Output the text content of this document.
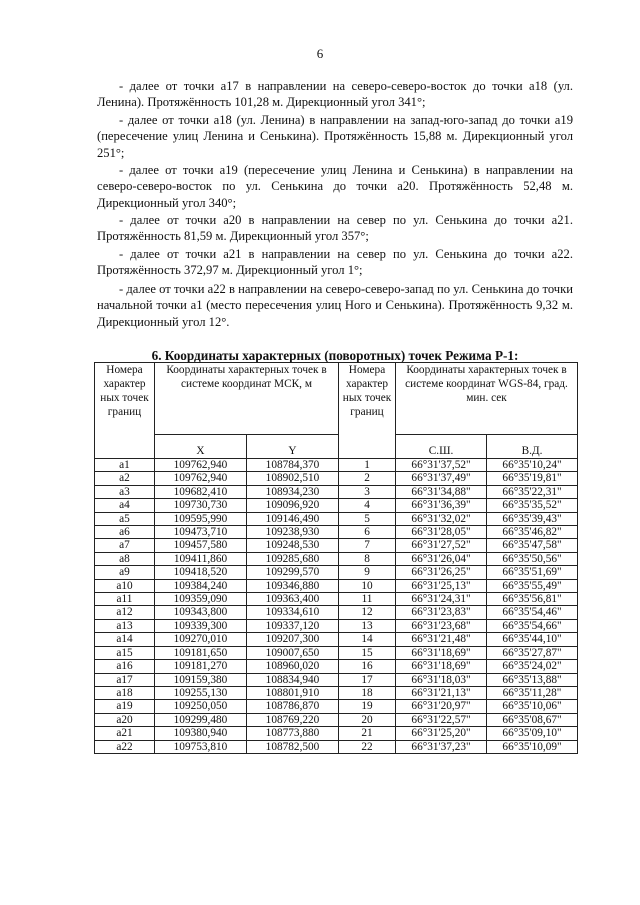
6

- далее от точки а17 в направлении на северо-северо-восток до точки а18 (ул. Ленина). Протяжённость 101,28 м. Дирекционный угол 341°;

- далее от точки а18 (ул. Ленина) в направлении на запад-юго-запад до точки а19 (пересечение улиц Ленина и Сенькина). Протяжённость 15,88 м. Дирекционный угол 251°;

- далее от точки а19 (пересечение улиц Ленина и Сенькина) в направлении на северо-северо-восток по ул. Сенькина до точки а20. Протяжённость 52,48 м. Дирекционный угол 340°;

- далее от точки а20 в направлении на север по ул. Сенькина до точки а21. Протяжённость 81,59 м. Дирекционный угол 357°;

- далее от точки а21 в направлении на север по ул. Сенькина до точки а22. Протяжённость 372,97 м. Дирекционный угол 1°;

- далее от точки а22 в направлении на северо-северо-запад по ул. Сенькина до точки начальной точки а1 (место пересечения улиц Ного и Сенькина). Протяжённость 9,32 м. Дирекционный угол 12°.

6. Координаты характерных (поворотных) точек Режима Р-1:
Номера характер ных точек границ	Координаты характерных точек в системе координат МСК, м		Номера характер ных точек границ	Координаты характерных точек в системе координат WGS-84, град. мин. сек	
	X	Y		С.Ш.	В.Д.
а1	109762,940	108784,370	1	66°31'37,52"	66°35'10,24"
а2	109762,940	108902,510	2	66°31'37,49"	66°35'19,81"
а3	109682,410	108934,230	3	66°31'34,88"	66°35'22,31"
а4	109730,730	109096,920	4	66°31'36,39"	66°35'35,52"
а5	109595,990	109146,490	5	66°31'32,02"	66°35'39,43"
а6	109473,710	109238,930	6	66°31'28,05"	66°35'46,82"
а7	109457,580	109248,530	7	66°31'27,52"	66°35'47,58"
а8	109411,860	109285,680	8	66°31'26,04"	66°35'50,56"
а9	109418,520	109299,570	9	66°31'26,25"	66°35'51,69"
а10	109384,240	109346,880	10	66°31'25,13"	66°35'55,49"
а11	109359,090	109363,400	11	66°31'24,31"	66°35'56,81"
а12	109343,800	109334,610	12	66°31'23,83"	66°35'54,46"
а13	109339,300	109337,120	13	66°31'23,68"	66°35'54,66"
а14	109270,010	109207,300	14	66°31'21,48"	66°35'44,10"
а15	109181,650	109007,650	15	66°31'18,69"	66°35'27,87"
а16	109181,270	108960,020	16	66°31'18,69"	66°35'24,02"
а17	109159,380	108834,940	17	66°31'18,03"	66°35'13,88"
а18	109255,130	108801,910	18	66°31'21,13"	66°35'11,28"
а19	109250,050	108786,870	19	66°31'20,97"	66°35'10,06"
а20	109299,480	108769,220	20	66°31'22,57"	66°35'08,67"
а21	109380,940	108773,880	21	66°31'25,20"	66°35'09,10"
а22	109753,810	108782,500	22	66°31'37,23"	66°35'10,09"
